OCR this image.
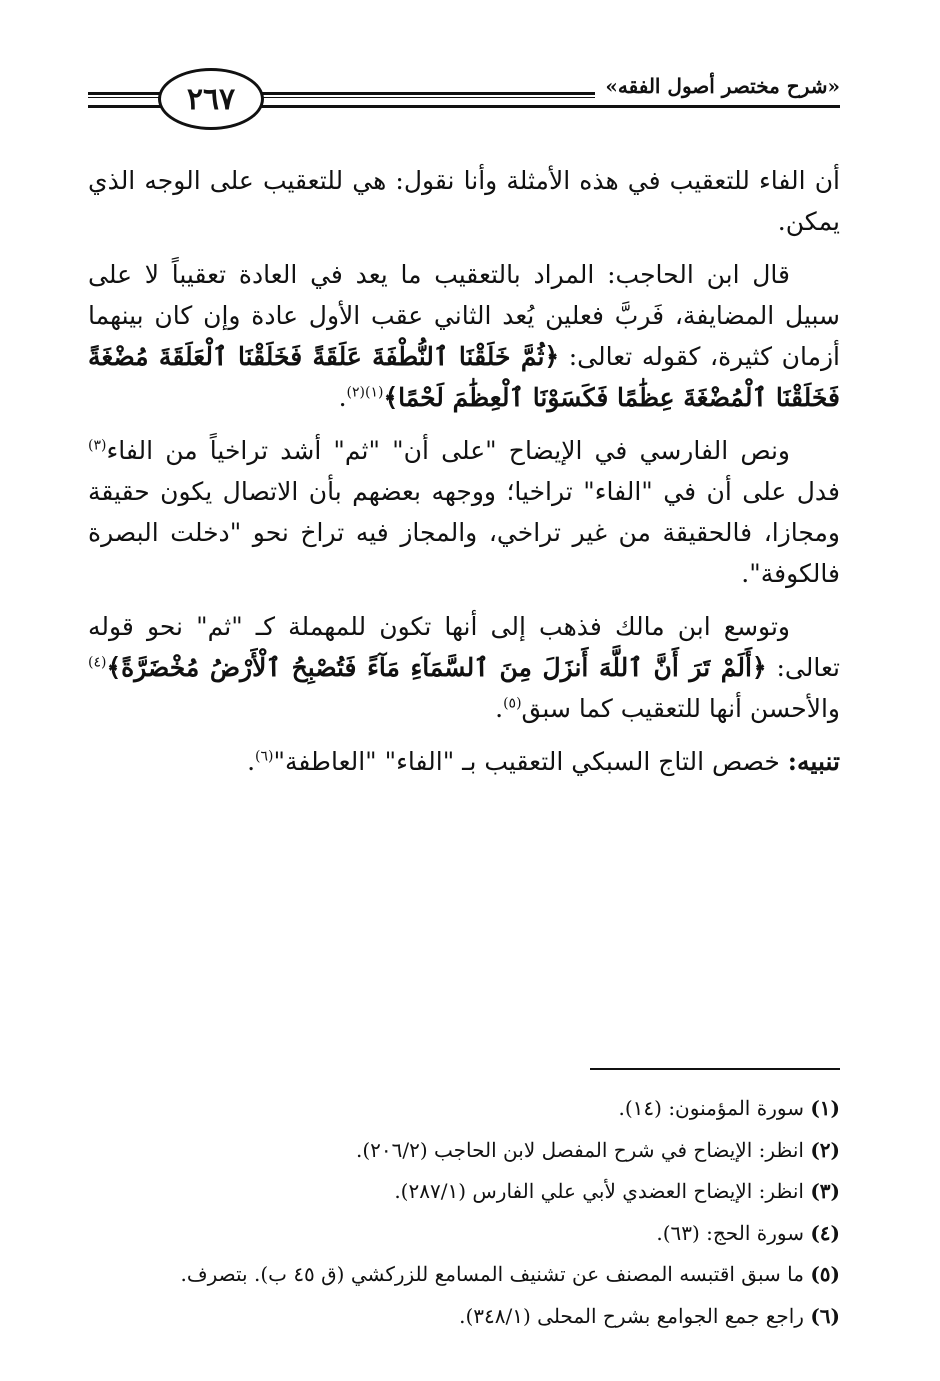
٢٦٧	«شرح مختصر أصول الفقه»

أن الفاء للتعقيب في هذه الأمثلة وأنا نقول: هي للتعقيب على الوجه الذي يمكن.

قال ابن الحاجب: المراد بالتعقيب ما يعد في العادة تعقيباً لا على سبيل المضايفة، فَربَّ فعلين يُعد الثاني عقب الأول عادة وإن كان بينهما أزمان كثيرة، كقوله تعالى: ﴿ثُمَّ خَلَقْنَا ٱلنُّطْفَةَ عَلَقَةً فَخَلَقْنَا ٱلْعَلَقَةَ مُضْغَةً فَخَلَقْنَا ٱلْمُضْغَةَ عِظَٰمًا فَكَسَوْنَا ٱلْعِظَٰمَ لَحْمًا﴾$^{(١)(٢)}$.

ونص الفارسي في الإيضاح "على أن" "ثم" أشد تراخياً من الفاء$^{(٣)}$ فدل على أن في "الفاء" تراخيا؛ ووجهه بعضهم بأن الاتصال يكون حقيقة ومجازا، فالحقيقة من غير تراخي، والمجاز فيه تراخ نحو "دخلت البصرة فالكوفة".

وتوسع ابن مالك فذهب إلى أنها تكون للمهملة كـ "ثم" نحو قوله تعالى: ﴿أَلَمْ تَرَ أَنَّ ٱللَّهَ أَنزَلَ مِنَ ٱلسَّمَآءِ مَآءً فَتُصْبِحُ ٱلْأَرْضُ مُخْضَرَّةً﴾$^{(٤)}$ والأحسن أنها للتعقيب كما سبق$^{(٥)}$.

تنبيه: خصص التاج السبكي التعقيب بـ "الفاء" "العاطفة"$^{(٦)}$.

(١) سورة المؤمنون: (١٤).

(٢) انظر: الإيضاح في شرح المفصل لابن الحاجب (٢٠٦/٢).

(٣) انظر: الإيضاح العضدي لأبي علي الفارس (٢٨٧/١).

(٤) سورة الحج: (٦٣).

(٥) ما سبق اقتبسه المصنف عن تشنيف المسامع للزركشي (ق ٤٥ ب). بتصرف.

(٦) راجع جمع الجوامع بشرح المحلى (٣٤٨/١).
